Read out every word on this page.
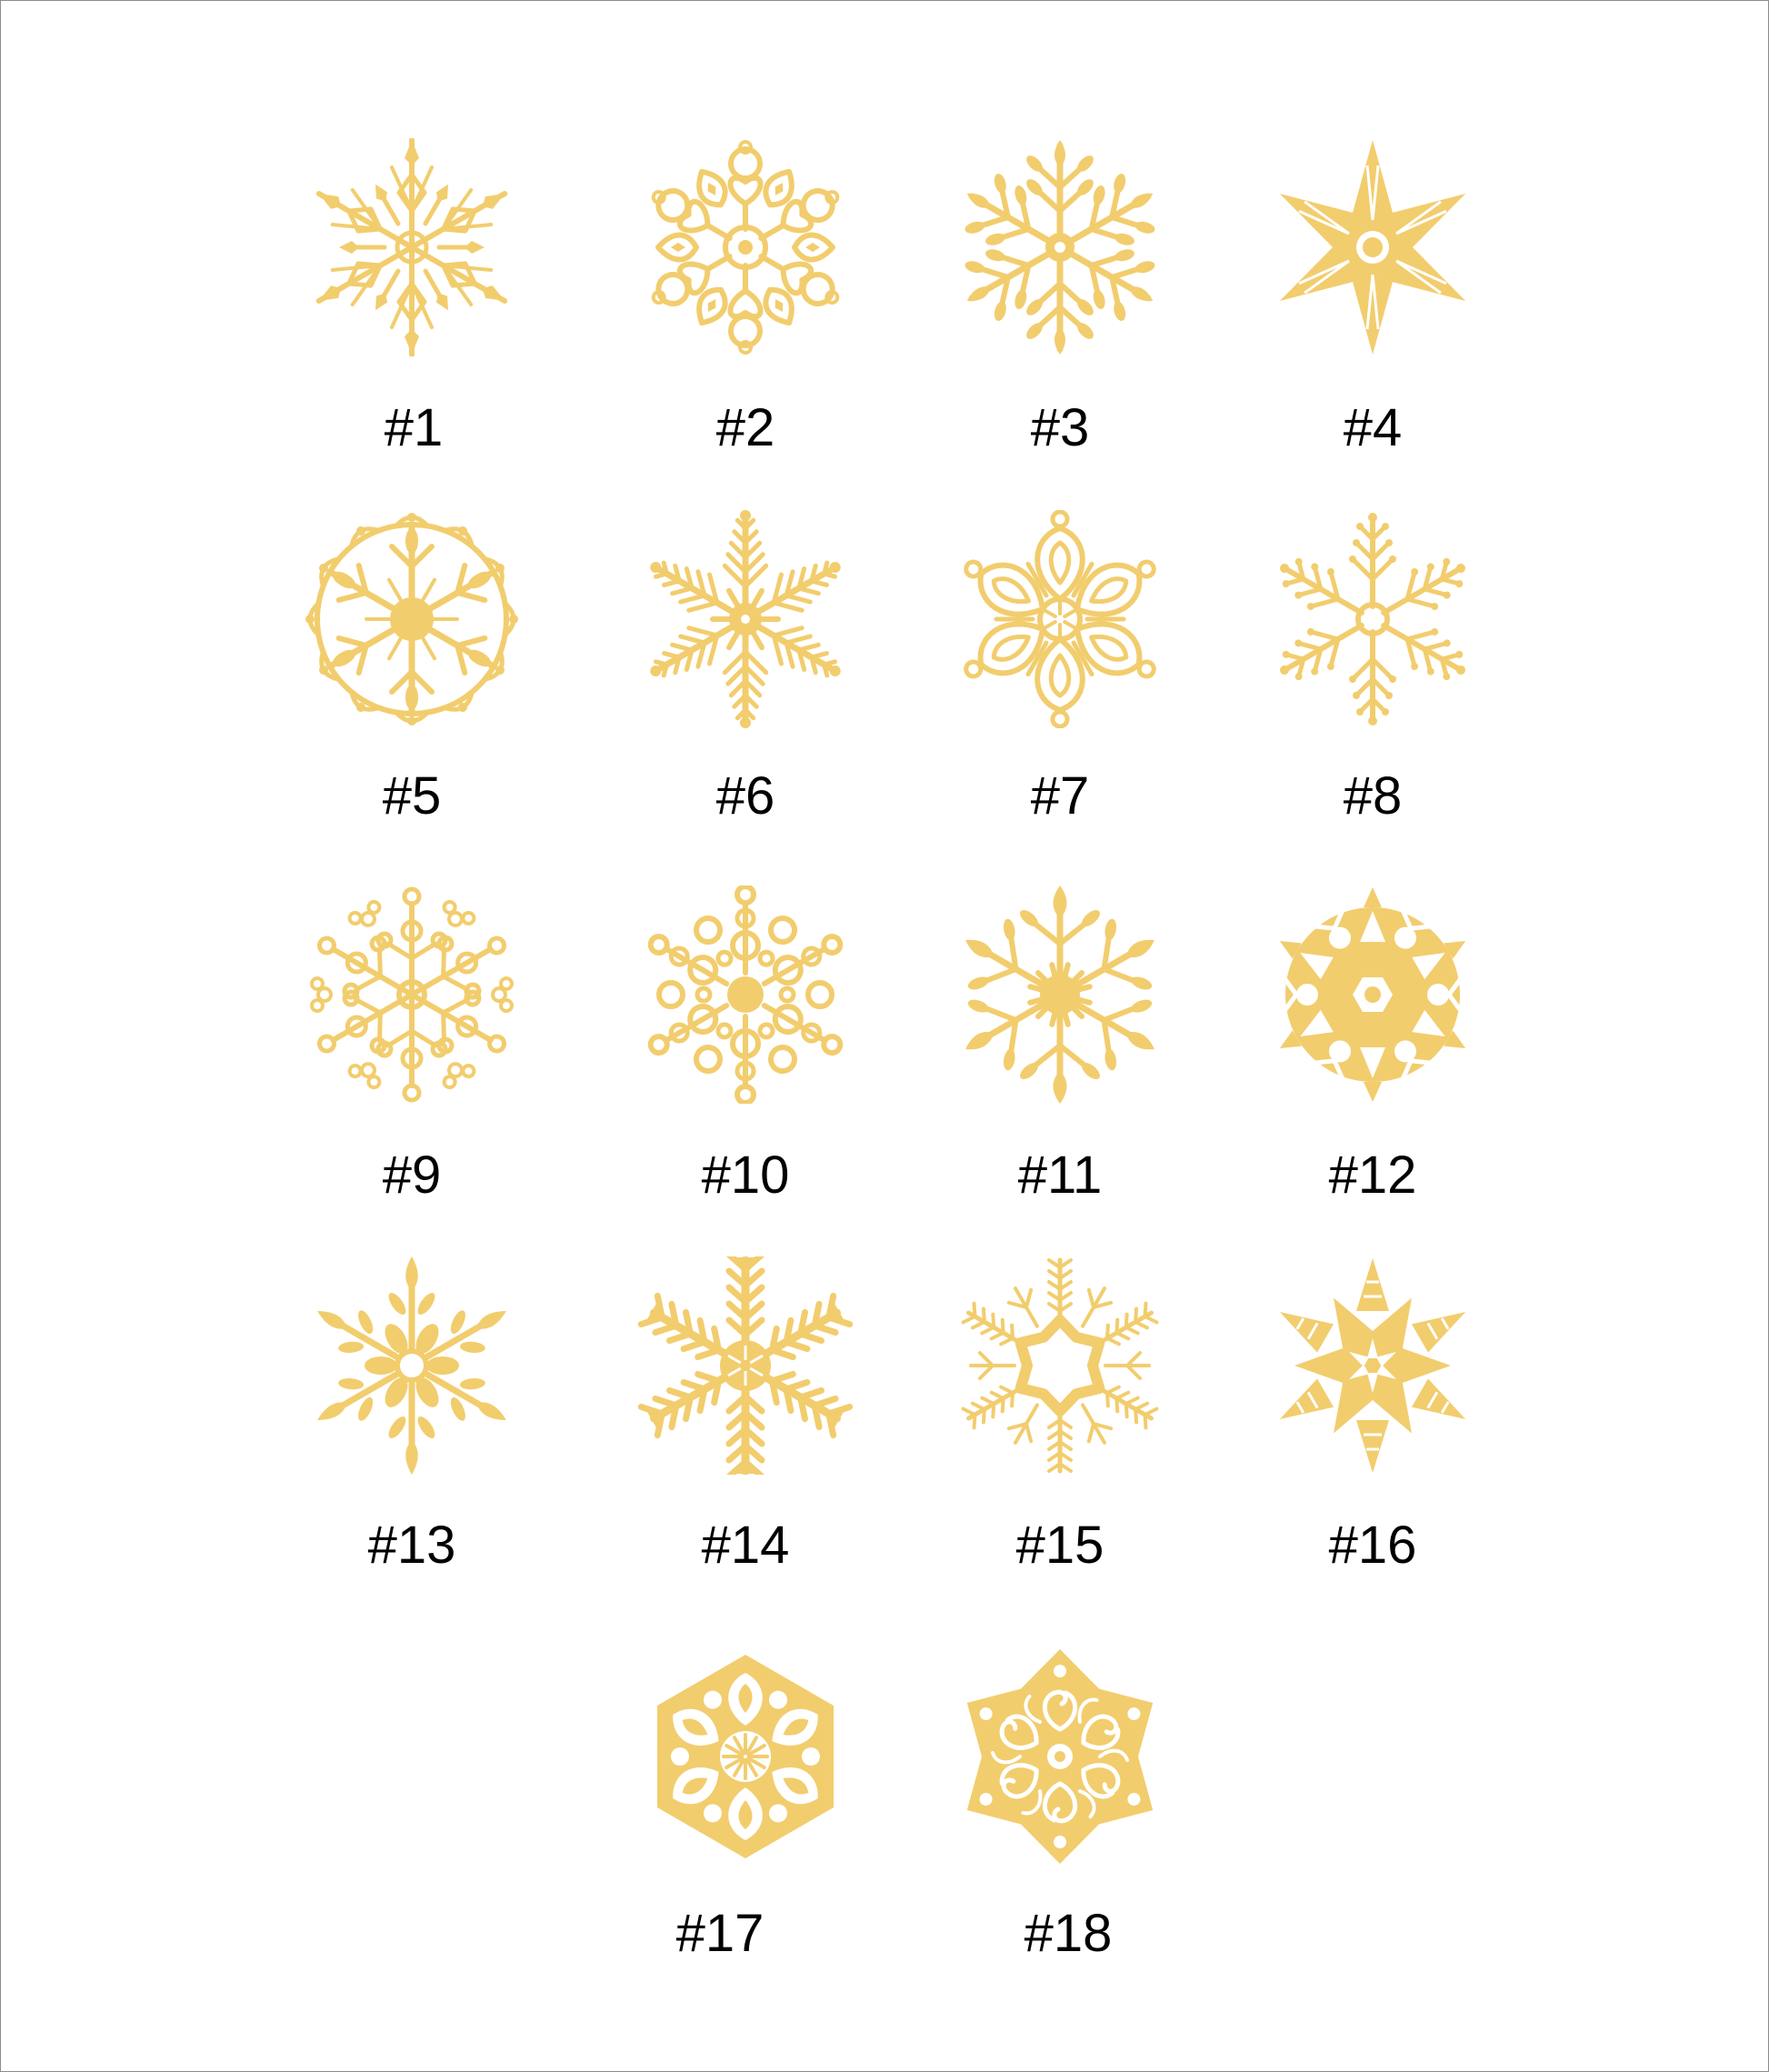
#1	#2	#3	#4
#5	#6	#7	#8
#9	#10	#11	#12
#13	#14	#15	#16
#17	#18
